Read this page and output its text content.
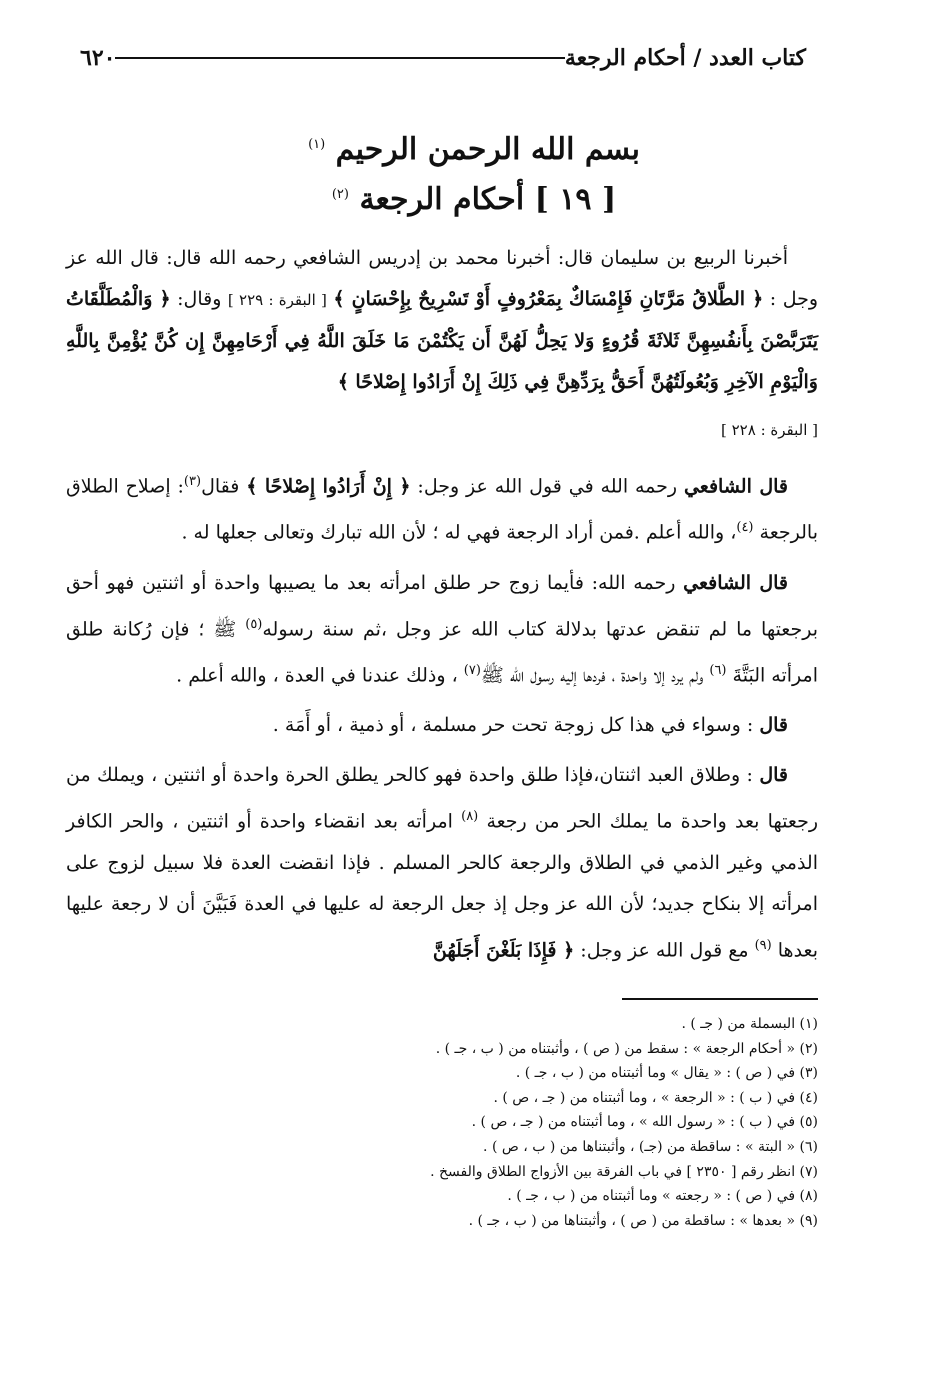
كتاب العدد / أحكام الرجعة
٦٢٠
بسم الله الرحمن الرحيم $^{(١)}$
[ ١٩ ] أحكام الرجعة $^{(٢)}$

أخبرنا الربيع بن سليمان قال: أخبرنا محمد بن إدريس الشافعي رحمه الله قال: قال الله عز وجل : ﴿ الطَّلاقُ مَرَّتَانِ فَإِمْسَاكٌ بِمَعْرُوفٍ أَوْ تَسْرِيحٌ بِإِحْسَانٍ ﴾ [ البقرة : ٢٢٩ ] وقال: ﴿ وَالْمُطَلَّقَاتُ يَتَرَبَّصْنَ بِأَنفُسِهِنَّ ثَلاثَةَ قُرُوءٍ وَلا يَحِلُّ لَهُنَّ أَن يَكْتُمْنَ مَا خَلَقَ اللَّهُ فِي أَرْحَامِهِنَّ إِن كُنَّ يُؤْمِنَّ بِاللَّهِ وَالْيَوْمِ الآخِرِ وَبُعُولَتُهُنَّ أَحَقُّ بِرَدِّهِنَّ فِي ذَلِكَ إِنْ أَرَادُوا إِصْلاحًا ﴾

[ البقرة : ٢٢٨ ]

قال الشافعي رحمه الله في قول الله عز وجل: ﴿ إِنْ أَرَادُوا إِصْلاحًا ﴾ فقال$^{(٣)}$: إصلاح الطلاق بالرجعة $^{(٤)}$، والله أعلم .فمن أراد الرجعة فهي له ؛ لأن الله تبارك وتعالى جعلها له .

قال الشافعي رحمه الله: فأيما زوج حر طلق امرأته بعد ما يصيبها واحدة أو اثنتين فهو أحق برجعتها ما لم تنقض عدتها بدلالة كتاب الله عز وجل ،ثم سنة رسوله$^{(٥)}$ ﷺ ؛ فإن رُكانة طلق امرأته البَتَّةَ $^{(٦)}$ ولم يرد إلا واحدة ، فردها إليه رسول الله ﷺ$^{(٧)}$ ، وذلك عندنا في العدة ، والله أعلم .

قال : وسواء في هذا كل زوجة تحت حر مسلمة ، أو ذمية ، أو أَمَة .

قال : وطلاق العبد اثنتان،فإذا طلق واحدة فهو كالحر يطلق الحرة واحدة أو اثنتين ، ويملك من رجعتها بعد واحدة ما يملك الحر من رجعة $^{(٨)}$ امرأته بعد انقضاء واحدة أو اثنتين ، والحر الكافر الذمي وغير الذمي في الطلاق والرجعة كالحر المسلم . فإذا انقضت العدة فلا سبيل لزوج على امرأته إلا بنكاح جديد؛ لأن الله عز وجل إذ جعل الرجعة له عليها في العدة فَبَيَّنَ أن لا رجعة عليها بعدها $^{(٩)}$ مع قول الله عز وجل: ﴿ فَإِذَا بَلَغْنَ أَجَلَهُنَّ

(١) البسملة من ( جـ ) .
(٢) « أحكام الرجعة » : سقط من ( ص ) ، وأثبتناه من ( ب ، جـ ) .
(٣) في ( ص ) : « يقال » وما أثبتناه من ( ب ، جـ ) .
(٤) في ( ب ) : « الرجعة » ، وما أثبتناه من ( جـ ، ص ) .
(٥) في ( ب ) : « رسول الله » ، وما أثبتناه من ( جـ ، ص ) .
(٦) « البتة » : ساقطة من (جـ) ، وأثبتناها من ( ب ، ص ) .
(٧) انظر رقم [ ٢٣٥٠ ] في باب الفرقة بين الأزواج الطلاق والفسخ .
(٨) في ( ص ) : « رجعته » وما أثبتناه من ( ب ، جـ ) .
(٩) « بعدها » : ساقطة من ( ص ) ، وأثبتناها من ( ب ، جـ ) .
